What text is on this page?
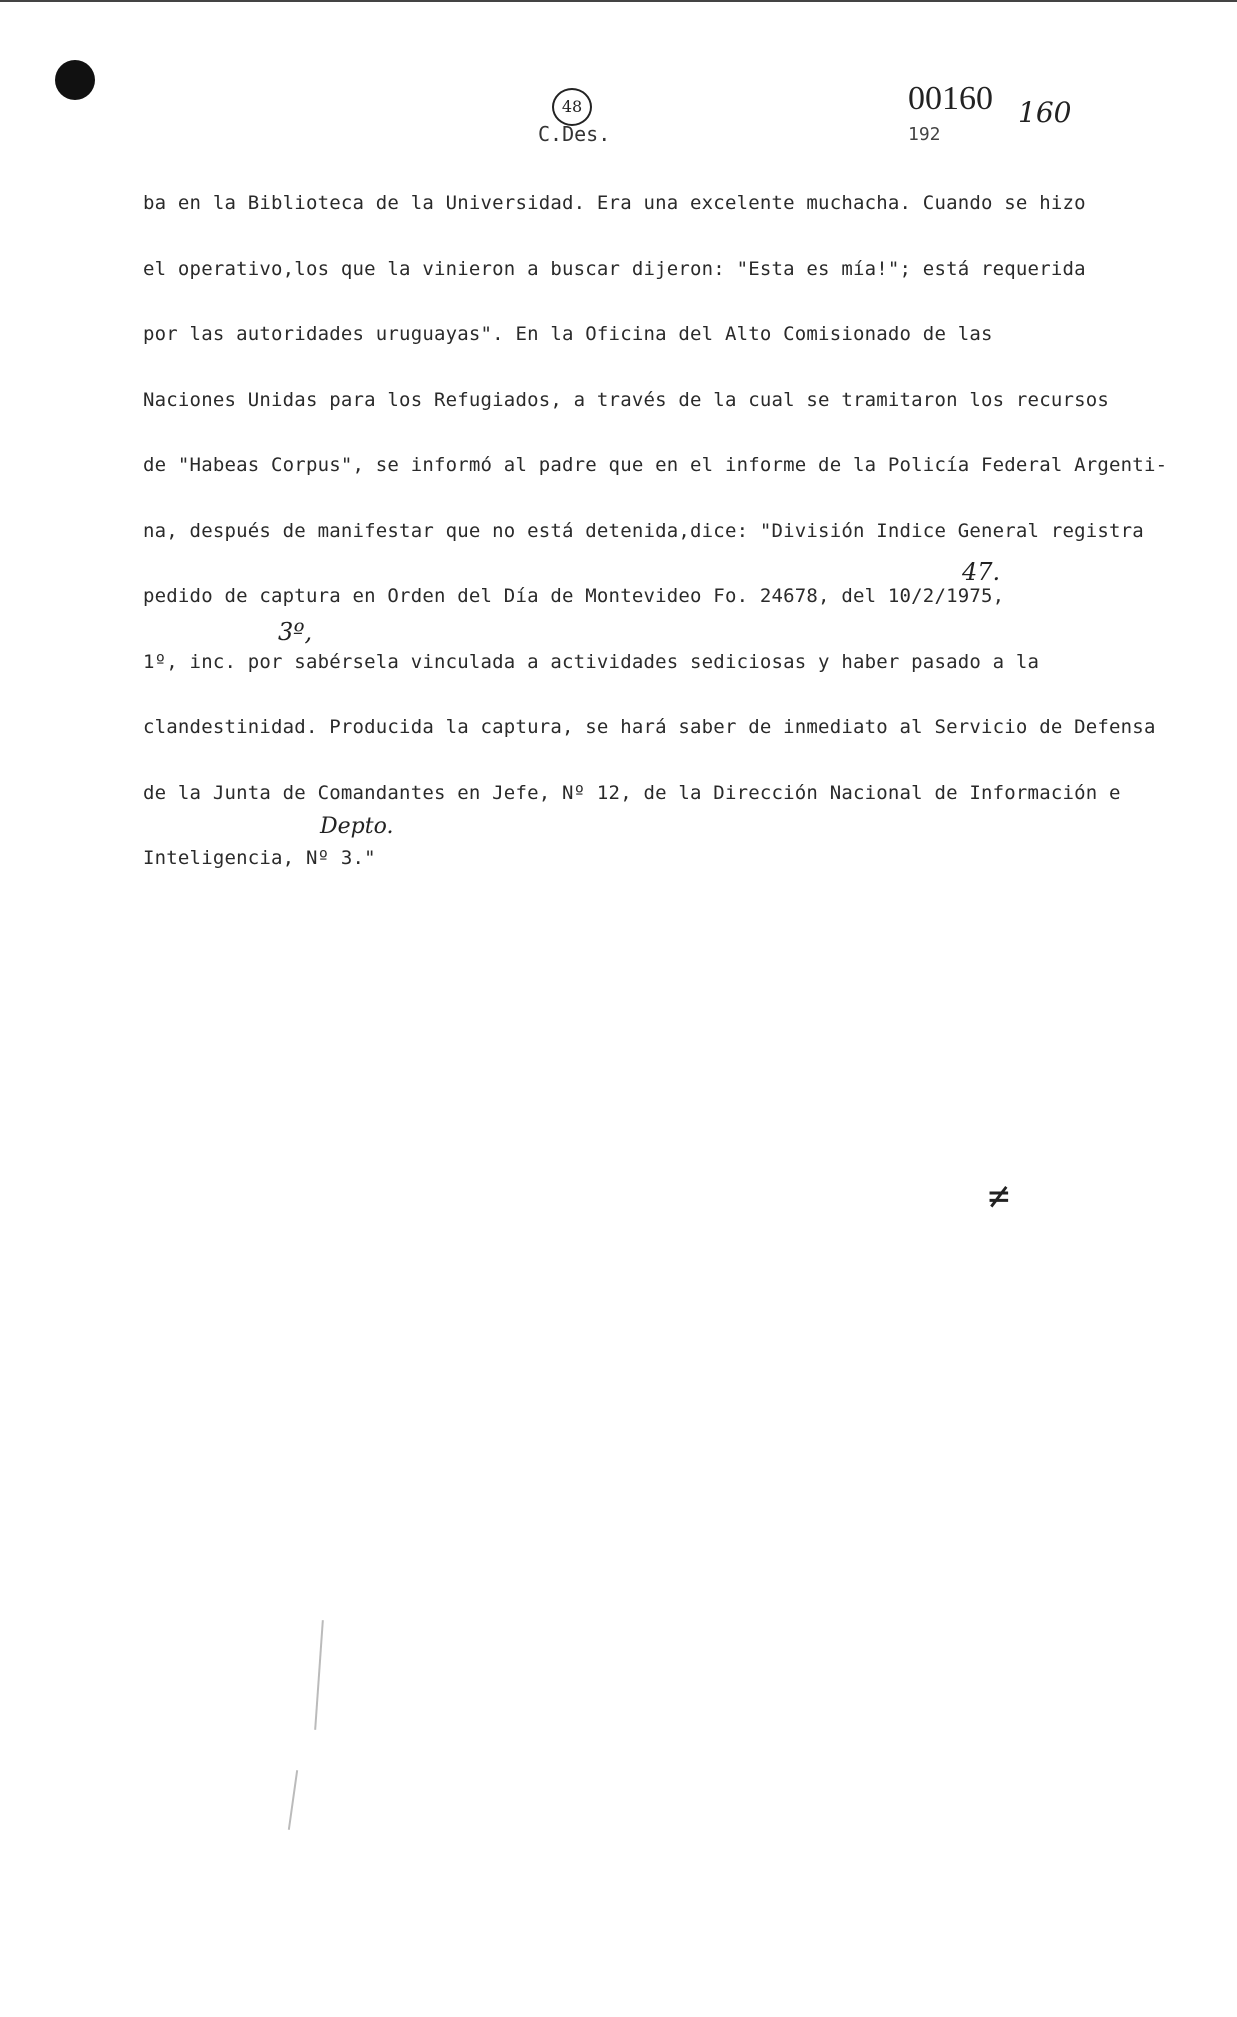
48
C.Des.
00160
192
160
47.
3º,
Depto.
ba en la Biblioteca de la Universidad. Era una excelente muchacha. Cuando se hizo
el operativo,los que la vinieron a buscar dijeron: "Esta es mía!"; está requerida
por las autoridades uruguayas". En la Oficina del Alto Comisionado de las
Naciones Unidas para los Refugiados, a través de la cual se tramitaron los recursos
de "Habeas Corpus", se informó al padre que en el informe de la Policía Federal Argenti-
na, después de manifestar que no está detenida,dice: "División Indice General registra
pedido de captura en Orden del Día de Montevideo Fo. 24678, del 10/2/1975,
1º, inc. por sabérsela vinculada a actividades sediciosas y haber pasado a la
clandestinidad. Producida la captura, se hará saber de inmediato al Servicio de Defensa
de la Junta de Comandantes en Jefe, Nº 12, de la Dirección Nacional de Información e
Inteligencia, Nº 3."
≠
